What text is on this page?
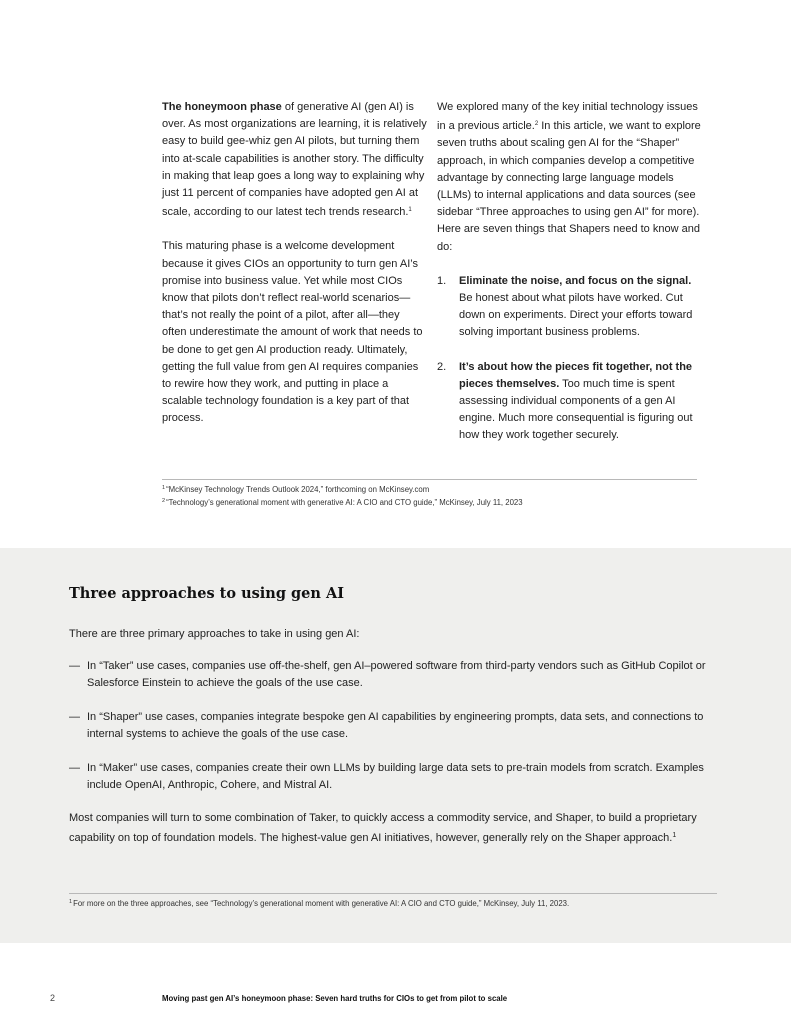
The honeymoon phase of generative AI (gen AI) is over. As most organizations are learning, it is relatively easy to build gee-whiz gen AI pilots, but turning them into at-scale capabilities is another story. The difficulty in making that leap goes a long way to explaining why just 11 percent of companies have adopted gen AI at scale, according to our latest tech trends research.$^1$

This maturing phase is a welcome development because it gives CIOs an opportunity to turn gen AI’s promise into business value. Yet while most CIOs know that pilots don’t reflect real-world scenarios—that’s not really the point of a pilot, after all—they often underestimate the amount of work that needs to be done to get gen AI production ready. Ultimately, getting the full value from gen AI requires companies to rewire how they work, and putting in place a scalable technology foundation is a key part of that process.

We explored many of the key initial technology issues in a previous article.$^2$ In this article, we want to explore seven truths about scaling gen AI for the “Shaper” approach, in which companies develop a competitive advantage by connecting large language models (LLMs) to internal applications and data sources (see sidebar “Three approaches to using gen AI” for more). Here are seven things that Shapers need to know and do:

1.	Eliminate the noise, and focus on the signal. Be honest about what pilots have worked. Cut down on experiments. Direct your efforts toward solving important business problems.
2.	It’s about how the pieces fit together, not the pieces themselves. Too much time is spent assessing individual components of a gen AI engine. Much more consequential is figuring out how they work together securely.
$^1$“McKinsey Technology Trends Outlook 2024,” forthcoming on McKinsey.com
$^2$“Technology’s generational moment with generative AI: A CIO and CTO guide,” McKinsey, July 11, 2023
Three approaches to using gen AI
There are three primary approaches to take in using gen AI:
— In “Taker” use cases, companies use off-the-shelf, gen AI–powered software from third-party vendors such as GitHub Copilot or Salesforce Einstein to achieve the goals of the use case.
— In “Shaper” use cases, companies integrate bespoke gen AI capabilities by engineering prompts, data sets, and connections to internal systems to achieve the goals of the use case.
— In “Maker” use cases, companies create their own LLMs by building large data sets to pre-train models from scratch. Examples include OpenAI, Anthropic, Cohere, and Mistral AI.
Most companies will turn to some combination of Taker, to quickly access a commodity service, and Shaper, to build a proprietary capability on top of foundation models. The highest-value gen AI initiatives, however, generally rely on the Shaper approach.$^1$
$^1$For more on the three approaches, see “Technology’s generational moment with generative AI: A CIO and CTO guide,” McKinsey, July 11, 2023.
2	Moving past gen AI’s honeymoon phase: Seven hard truths for CIOs to get from pilot to scale
